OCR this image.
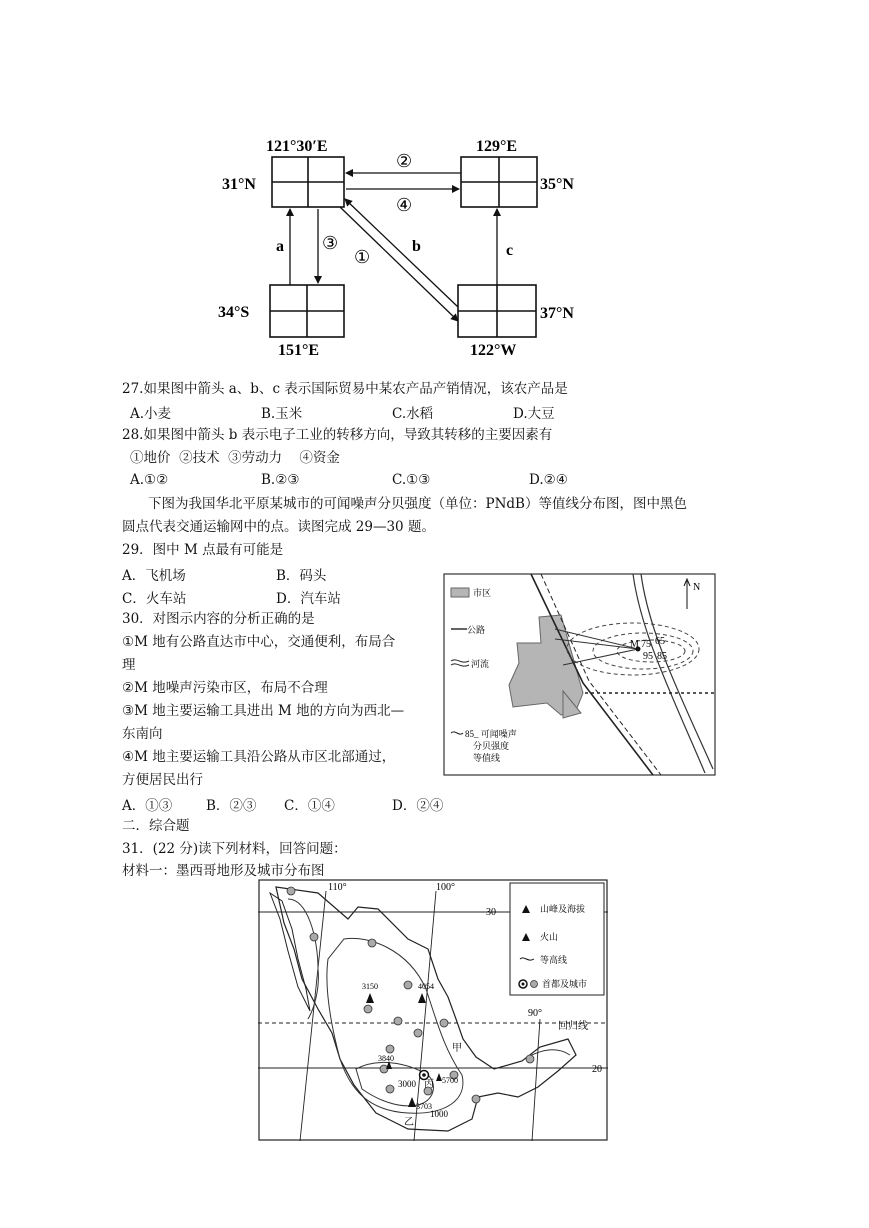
121°30′E
31°N
129°E
35°N
34°S
151°E
37°N
122°W
②
④
a ③
①
b	c
27.如果图中箭头 a、b、c 表示国际贸易中某农产品产销情况，该农产品是
A.小麦	B.玉米	C.水稻	D.大豆
28.如果图中箭头 b 表示电子工业的转移方向，导致其转移的主要因素有
①地价  ②技术  ③劳动力    ④资金
A.①②	B.②③	C.①③	D.②④
下图为我国华北平原某城市的可闻噪声分贝强度（单位：PNdB）等值线分布图，图中黑色
圆点代表交通运输网中的点。读图完成 29—30 题。
29．图中 M 点最有可能是
A．飞机场	B．码头
C．火车站	D．汽车站
30．对图示内容的分析正确的是
①M 地有公路直达市中心，交通便利，布局合
理
②M 地噪声污染市区，布局不合理
③M 地主要运输工具进出 M 地的方向为西北—
东南向
④M 地主要运输工具沿公路从市区北部通过，
方便居民出行
A．①③	B．②③ C．①④	D．②④
M 75 65
95 85
N
市区
公路
河流
85_ 可闻噪声
分贝强度
等值线
二．综合题
31．(22 分)读下列材料，回答问题：
材料一：墨西哥地形及城市分布图
110°	100°
90°
30
20
回归线
3150	4054
3840
5700
3703
3000
1000
甲
丙
乙
山峰及海拔
火山
等高线
首都及城市
